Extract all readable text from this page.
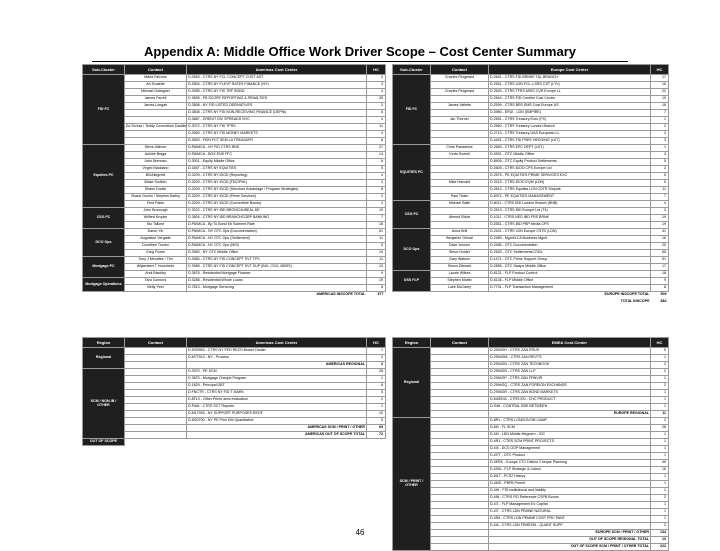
Appendix A: Middle Office Work Driver Scope – Cost Center Summary
Sub-Cluster	Contact	Americas Cost Center	HC
FID FC	Maria Falcone	D.2853 - CTRS NY FCL CONCEPT COST AST	2
	Art Scalette	D.2804 - CTRS NY FLEVF RATES FINANCE (NY)	3
	Michael Gallagher	D.3995 - CTRS NY FID TRF BOND	4
	James Farrell	D.3895 - FB SCOPE REPORTING & PENALTIES	25
	James Longan	D.3898 - NY FID LISTED DERIVATIVES	2
		D.3808 - CTRS NY FID NON-RECEIVING FINANCE (DEPNI)	6
		D.3887 - CREDIT DIV SPREADS NYC	4
	Ed Schulz / Teddy Coxendfuni Daddie	D.3072 - CTRS NY FID TFRS	11
		D.3950 - CTRS NY FID MONEY MARKETS	4
		D.3893 - FEIN FCT SEM LA TREASURY	8
Equities PC	Steve Allimon	D.PAIMCA - NY FID CTRS BNS	27
	Ashlee Braga	D.PAIMCA - BOX ENS FFC	14
	John Brennan	D.3001 - Equity Middle Office	6
	Virgini Maddano	D.3457 - CTRS NY EQUITIES	5
	Bill Allegretti	D.3209 - CTRS NY IDOD (Reporting)	4
	Blake Smithin	D.3209 - CTRS NY IDOD (FDC/PNL)	3
	Shane Dunlin	D.3209 - CTRS NY IDOD (Structure Advantage / Program Strategies)	6
	Shane Dunlin / Stephen Bailey	D.3209 - CTRS NY IDOD (Prime Services)	2
	Fred Pablo	D.3209 - CTRS NY IDOD (Convertible Bonds)	3
CSG FC	John Bronough	D.3022 - CTRS NY IBD BRONCHUBEAL DE	19
	Wilfred Kropke	D.3804 - CTRS NY IBD BRANCHCORP BANKING	7
	Stu Tallone	D.PAIMCA - Bp To Bond Eb Solemnt Rate	18
DCO Ops	Daron Yin	D.PAIMCA - NY OTC Ops (Documentation)	51
	Augustine Vergade	D.PAIMCA - NY OTC Ops (Settlement)	11
	Dorothee Trozen	D.PAIMCA - NY OTC Ops (MIS)	5
	Greg Flores	D.3983 - NY OTC Middle Office	19
Mortgage PC	Tony J Menafee / Tim	D.3984 - CTRS NY FID CONCEPT SVT TPX	11
	Wijaenbert T Hochriede	D.3985 - CTRS NY FID CONCEPT SVT SUP (BIO, CDO, MBSS)	13
	Andi Blackby	D.3876 - Residential Mortgage Finance	9
Mortgage Operations	Tara Connors	D.3288 - Residential Whole Loans	19
	Betty Yeet	D.7813 - Mortgage Servicing	8
AMERICAS INSCOPE TOTAL			377
Sub-Cluster	Contact	Europe Cost Center	HC
FID FC	Charles Fitzgerald	D.2641 - CTRS FID BRNKE TAL BRANCH	17
		D.2541 - CTRS LDN FCL-c SRS CST (LTV)	16
	Charles Fitzgerald	D.2549 - CTRS TFRS MISS CVR Europe LL	22
		D.2544 - CTRS FID Creditm Cost Centre	19
	James Vallette	D.2599 - CTRS BRS EMS Cost Europe US	16
		D.3980 - ERUI - LDN (EMPIRE)	7
	Ian Thornel	D.2591 - CTRS Treasury Euro (FX)	1
		D.2560 - CTRS Treasury London Branch	2
		D.2715 - CTRS Treasury UAS European LL	3
		D.4401 - CTRS FID FREE HEDGING (LKT)	3
EQUITIES PC	Chris Pasadelos	D.2669 - CTRS EPC DEPT (LDT)	1
	Kevin Burrell	D.4591 - OTC Middle Office	3
		D.8905 - OTC Equity Product Settlements	5
		D.2605 - CTRS IDOD CPS Europe Ltd	2
		D.2575 - PE EQUITIES PRIME SERVICES EXC	5
	Mike Harvard	D.3219 - CTRS IDOD EQM (LDN)	5
		D.2813 - CTRS Equities LDN CDTR Dispute	11
	Paul Tickle	D.8974 - PE EQUITIES MANAGEMENT	7
CSG FC	Michael Balle	D.8011 - CTRS IBD London Branch (BNB)	4
		D.2519 - CTRS IBD Europe Ltd (T4)	3
	Ahmed Eldob	D.1011 - CTRS NED IBD FRS BRNK	19
		D.2551 - CTRS IBD PBP Media CPS	19
DCO Ops	Anna Brill	D.2401 - CTRS LDN Europe CSTD (LDN)	41
	Benjamin Grimal	D.2489 - Mgmt/LCA Business Mgmt	16
	Dave Jensen	D.2456 - OTC Documentation	25
	Steve Hunter	D.2543 - OTC SettlementsCOGs	65
	Gary Watson	D.1471 - OTC Prime Support Group	51
	Simon Ditmark	D.2856 - OTC Swaps Middle Office	17
DSS FLP	Laurie Wilkes	D.8131 - FLP Product Control	18
	Stephen Martin	D.8136 - FLP Middle Office	9
	Luke McCarey	D.7731 - FLP Transaction Management	8
EUROPE INSCOPE TOTAL			509
TOTAL INSCOPE			884
Region	Contact	Americas Cost Center	HC
Regional		D.M39963 - CTRS NY FED REZO Broker Dealer	1
		D.M77913 - NY - Process	2
		AMERICAS REGIONAL	3
SCM / NON-IB / OTHER		D.3970 - PE SCM	28
		D.3870 - Mortgage Cheque Program	1
		D.1829 - Principal DBT	6
		D.FNCTR - CTRS NY FID T MARK	5
		D.8F10 - Other Prime area evaluation	2
		D.PIA8 - CTRS SCT Reports	1
		D.M17993 - NY SUPPORT PURPOSES REOF	10
		D.M20700 - NY PE Print DM Quantitative	9
		AMERICAS SCM / PRINT / OTHER	69
		AMERICAS OUT OF SCOPE TOTAL	72
OUT OF SCOPE			
Region	Contact	EMEA Cost Center	HC
Regional		D.2994GH - CTRS ZAN ERUS	5
		D.2994GM - CTRS ZAN REVTS	1
		D.2994GN - CTRS ZAN TECHBOOK	2
		D.2994GN - CTRS ZAN LLP	2
		D.2994GP - CTRS ZAN FRNVIR	1
		D.2994GQ - CTRS ZAN FOREIGN EXCHANGE	2
		D.2994GR - CTRS ZAN BOND MARKETS	1
		D.M4EDI4 - CTRS ED - CHC PRODUCT	1
		D.S48 - CONTRAL BSE BETWEEN	1
		EUROPE REGIONAL	11
SCM / PRINT / OTHER		D.8R1 - CTRS LONDON DB CAMP	2
		D.8I0 - FL SCM	28
		D.4I0 - LDN Middle Megnem - IOC	1
		D.4R1 - CTRS SCM PRINT PROJECTS	1
		D.4I4 - DCS OOP Management	1
		D.4I7T - OTC Product	1
		D.4ERK - Europe CTC District Cheque Planning	49
		D.4ISA - FLP Strategic & Lisbon	16
		D.8I1T - PCS2 History	1
		D.4MS - PBFB Permit	1
		D.4IH - FID institutional and liability	1
		D.4IN - CTRS FID Reference CSPB Bonus	2
		D.4I7 - FLP Management Ex Capital	1
		D.4I7 - CTRS LDN PEMNE NATURAL	1
		D.4R8 - CTRS LDN PEMNE COST PRC PANT	1
		D.4I4 - CTRS LDN FEMEON - QUANT SUPP	2
		EUROPE SCM / PRINT / OTHER	134
		OUT OF SCOPE REGIONAL TOTAL	13
		OUT OF SCOPE SCM / PRINT / OTHER TOTAL	222
46
